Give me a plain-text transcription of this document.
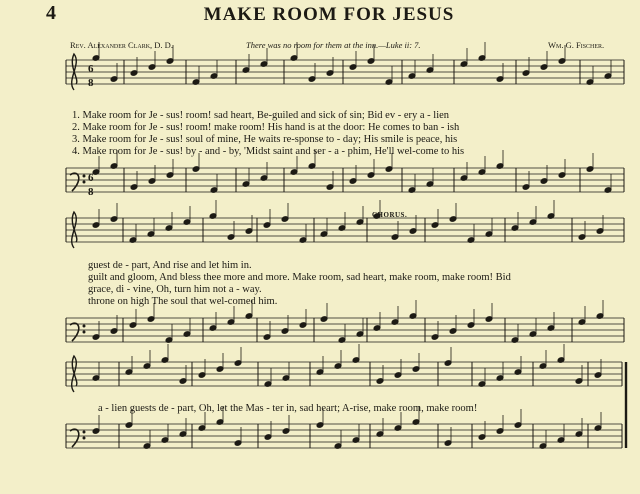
4	MAKE ROOM FOR JESUS
Rev. Alexander Clark, D. D.	There was no room for them at the inn.—Luke ii: 7.	Wm. G. Fischer.
6
8
6
8
1. Make room for Je - sus! room! sad heart, Be-guiled and sick of sin; Bid ev - ery a - lien
2. Make room for Je - sus! room! make room! His hand is at the door: He comes to ban - ish
3. Make room for Je - sus! soul of mine, He waits re-sponse to - day; His smile is peace, his
4. Make room for Je - sus! by - and - by, 'Midst saint and ser - a - phim, He'll wel-come to his
CHORUS.
guest de - part, And rise and let him in.
guilt and gloom, And bless thee more and more. Make room, sad heart, make room, make room! Bid
grace, di - vine, Oh, turn him not a - way.
throne on high The soul that wel-comed him.
a - lien guests de - part, Oh, let the Mas - ter in, sad heart; A-rise, make room, make room!
